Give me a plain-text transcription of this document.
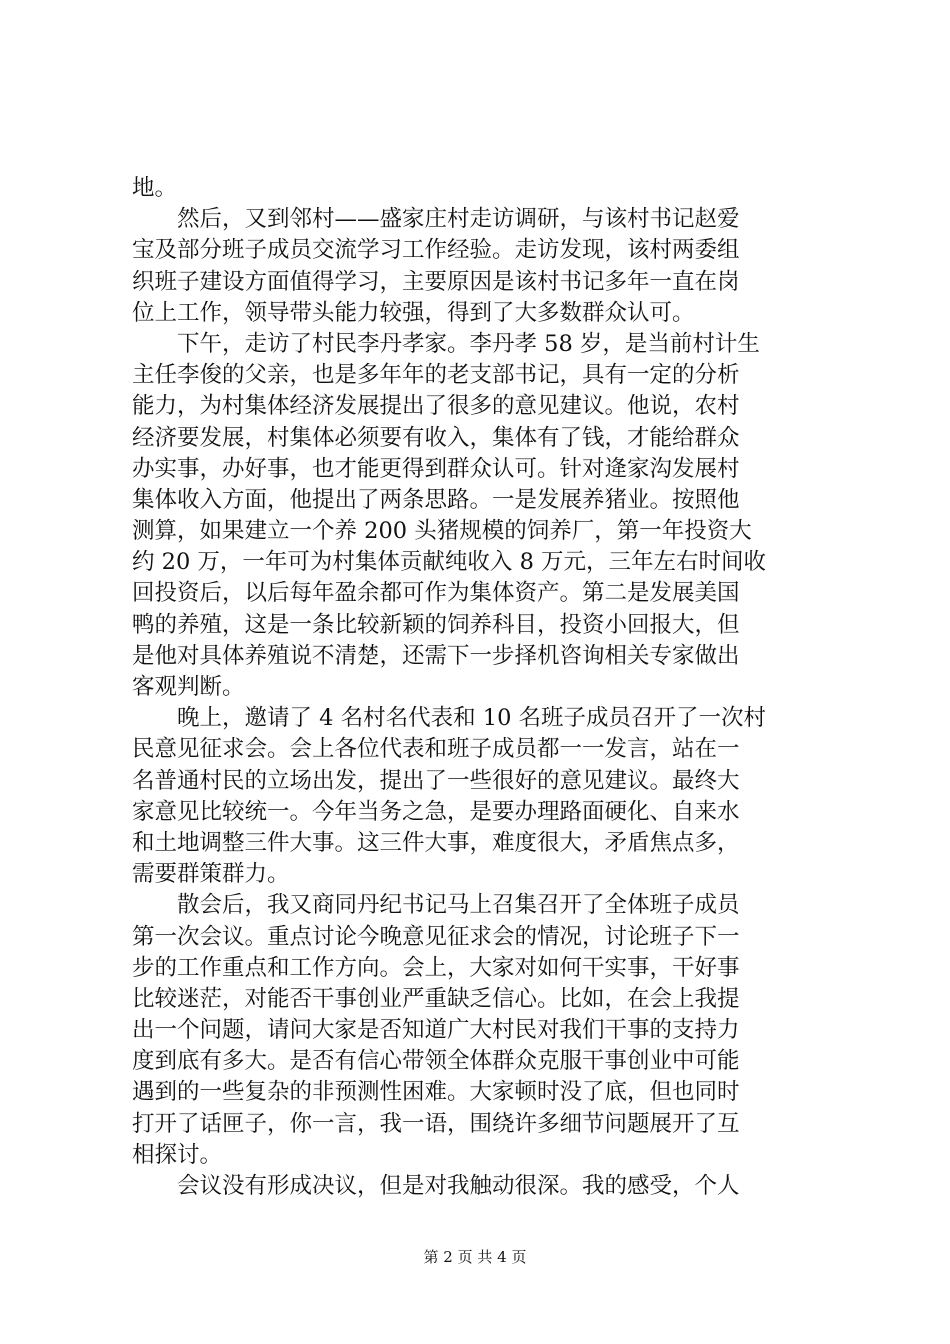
地。
然后，又到邻村——盛家庄村走访调研，与该村书记赵爱
宝及部分班子成员交流学习工作经验。走访发现，该村两委组
织班子建设方面值得学习，主要原因是该村书记多年一直在岗
位上工作，领导带头能力较强，得到了大多数群众认可。
下午，走访了村民李丹孝家。李丹孝 58 岁，是当前村计生
主任李俊的父亲，也是多年年的老支部书记，具有一定的分析
能力，为村集体经济发展提出了很多的意见建议。他说，农村
经济要发展，村集体必须要有收入，集体有了钱，才能给群众
办实事，办好事，也才能更得到群众认可。针对逄家沟发展村
集体收入方面，他提出了两条思路。一是发展养猪业。按照他
测算，如果建立一个养 200 头猪规模的饲养厂，第一年投资大
约 20 万，一年可为村集体贡献纯收入 8 万元，三年左右时间收
回投资后，以后每年盈余都可作为集体资产。第二是发展美国
鸭的养殖，这是一条比较新颖的饲养科目，投资小回报大，但
是他对具体养殖说不清楚，还需下一步择机咨询相关专家做出
客观判断。
晚上，邀请了 4 名村名代表和 10 名班子成员召开了一次村
民意见征求会。会上各位代表和班子成员都一一发言，站在一
名普通村民的立场出发，提出了一些很好的意见建议。最终大
家意见比较统一。今年当务之急，是要办理路面硬化、自来水
和土地调整三件大事。这三件大事，难度很大，矛盾焦点多，
需要群策群力。
散会后，我又商同丹纪书记马上召集召开了全体班子成员
第一次会议。重点讨论今晚意见征求会的情况，讨论班子下一
步的工作重点和工作方向。会上，大家对如何干实事，干好事
比较迷茫，对能否干事创业严重缺乏信心。比如，在会上我提
出一个问题，请问大家是否知道广大村民对我们干事的支持力
度到底有多大。是否有信心带领全体群众克服干事创业中可能
遇到的一些复杂的非预测性困难。大家顿时没了底，但也同时
打开了话匣子，你一言，我一语，围绕许多细节问题展开了互
相探讨。
会议没有形成决议，但是对我触动很深。我的感受，个人
第 2 页 共 4 页
